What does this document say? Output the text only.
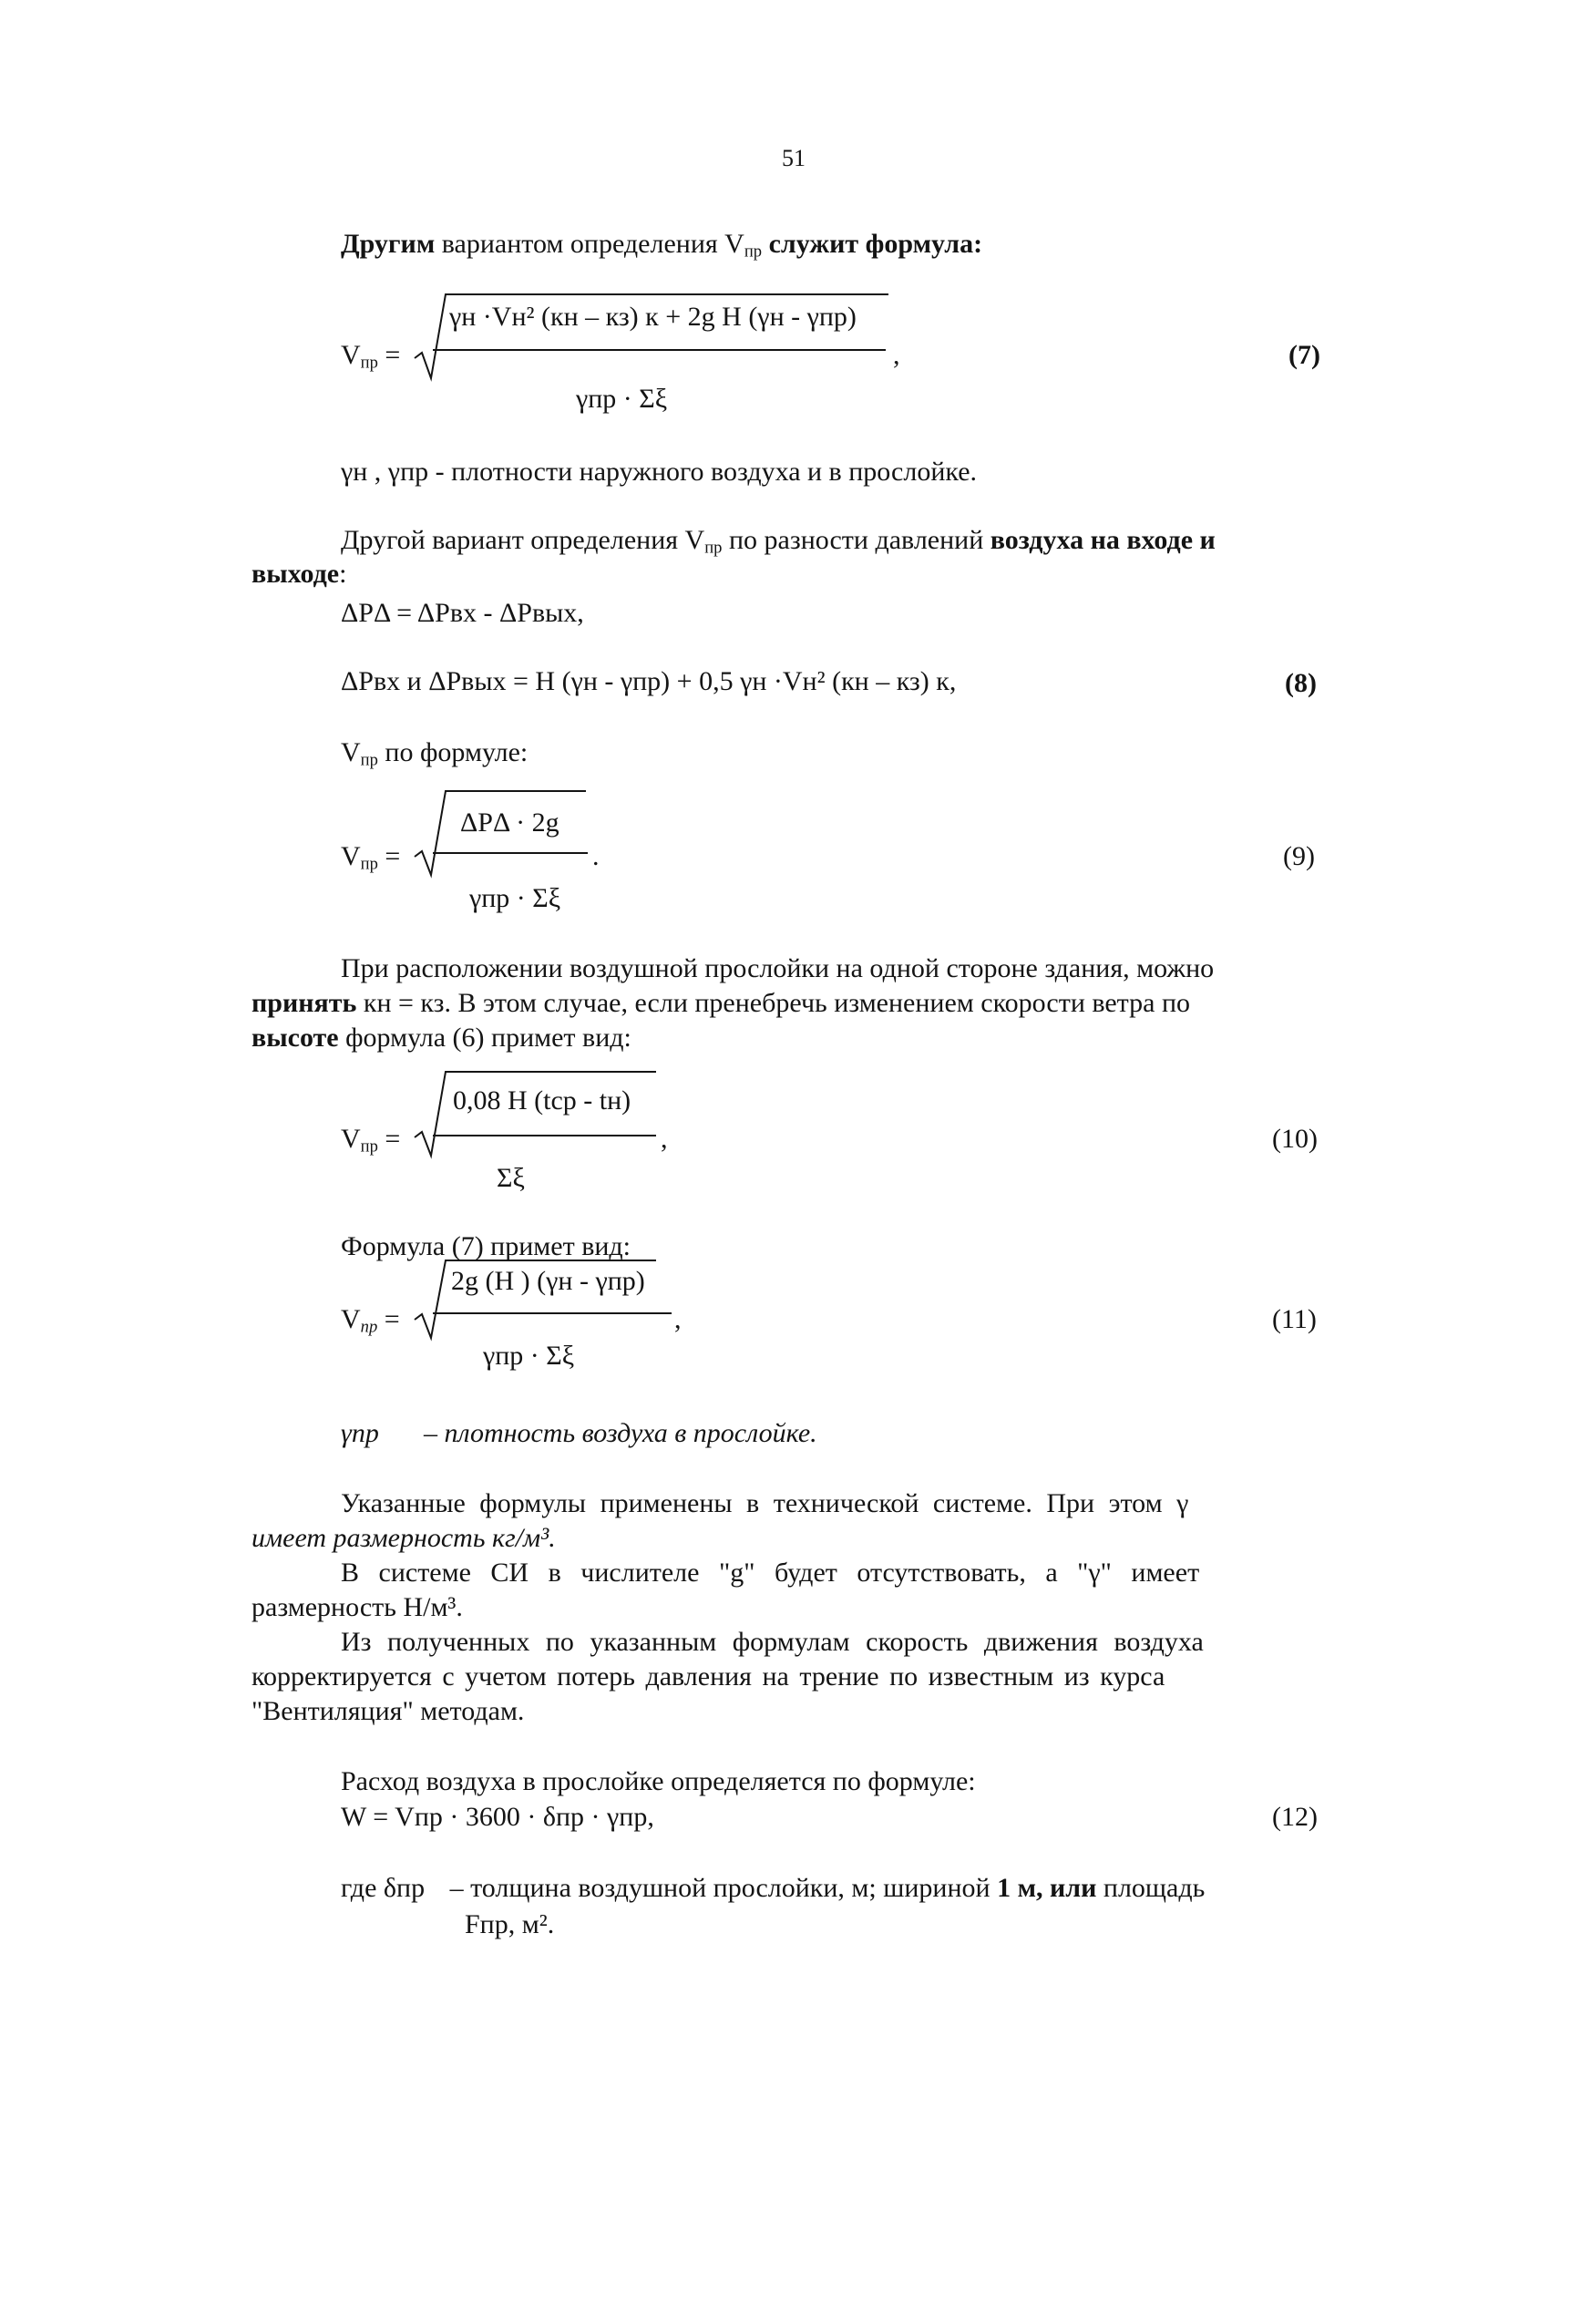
51
Другим вариантом определения $V_{пр}$ служит формула:
$V_{пр}$ =
γн ·Vн² (кн – кз) к + 2g H (γн - γпр)
γпр · Σξ
,	(7)
γн , γпр - плотности наружного воздуха и в прослойке.
Другой вариант определения $V_{пр}$ по разности давлений воздуха на входе и
выходе:
ΔPΔ = ΔPвх - ΔPвых,
ΔPвх и ΔPвых = H (γн - γпр) + 0,5 γн ·Vн² (кн – кз) к,	(8)
$V_{пр}$ по формуле:
$V_{пр}$ =
ΔPΔ · 2g
γпр · Σξ
.	(9)
При расположении воздушной прослойки на одной стороне здания, можно
принять кн = кз. В этом случае, если пренебречь изменением скорости ветра по
высоте формула (6) примет вид:
$V_{пр}$ =
0,08 H (tср - tн)
Σξ
,	(10)
Формула (7) примет вид:
$V_{пр}$ =
2g (H ) (γн - γпр)
γпр · Σξ
,	(11)
γпр – плотность воздуха в прослойке.
Указанные формулы применены в технической системе. При этом γ
имеет размерность кг/м³.
В системе СИ в числителе "g" будет отсутствовать, а "γ" имеет
размерность Н/м³.
Из полученных по указанным формулам скорость движения воздуха
корректируется с учетом потерь давления на трение по известным из курса
"Вентиляция" методам.
Расход воздуха в прослойке определяется по формуле:
W = Vпр · 3600 · δпр · γпр,	(12)
где δпр – толщина воздушной прослойки, м; шириной 1 м, или площадь
Fпр, м².
